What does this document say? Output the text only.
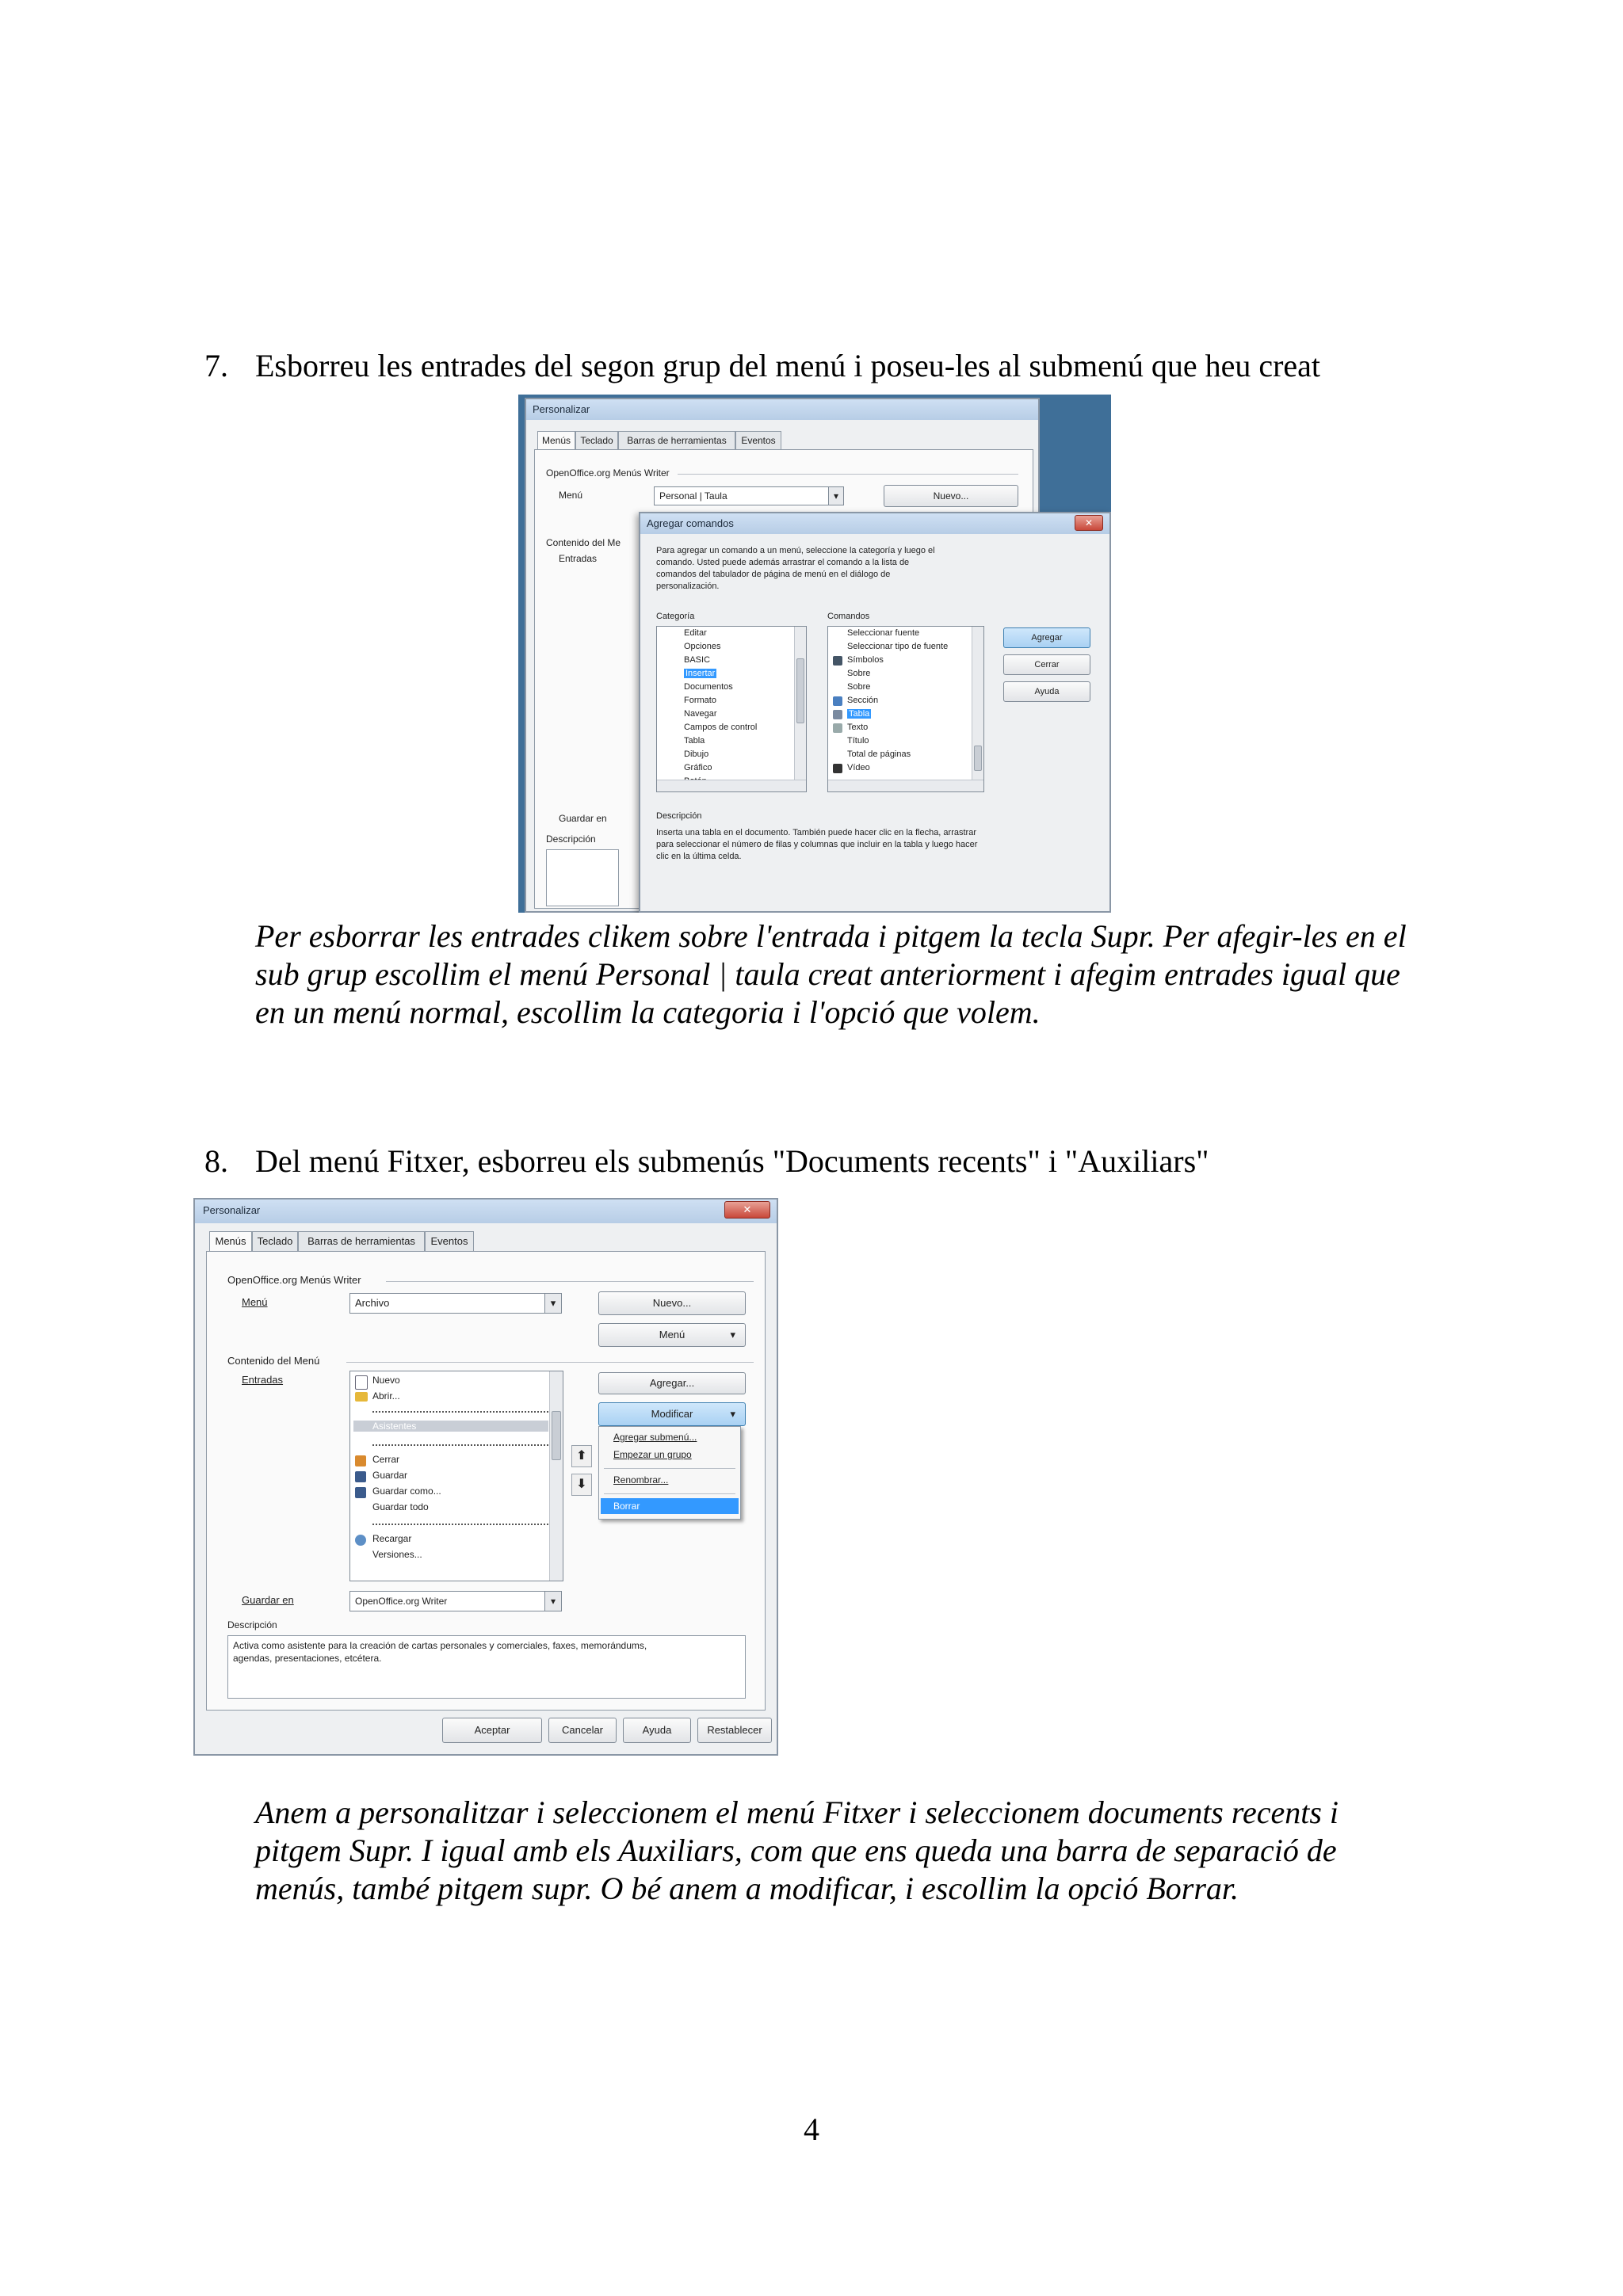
7. Esborreu les entrades del segon grup del menú i poseu-les al submenú que heu creat
Personalizar
Menús	Teclado	Barras de herramientas	Eventos
OpenOffice.org Menús Writer
Menú	Personal | Taula	▾	Nuevo...
Contenido del Me
Entradas
Guardar en
Descripción
Agregar comandos	✕
Para agregar un comando a un menú, seleccione la categoría y luego el
comando. Usted puede además arrastrar el comando a la lista de
comandos del tabulador de página de menú en el diálogo de
personalización.
Categoría
Editar
Opciones
BASIC
Insertar
Documentos
Formato
Navegar
Campos de control
Tabla
Dibujo
Gráfico
Comandos
Seleccionar fuente
Seleccionar tipo de fuente
Símbolos
Sobre
Sobre
Sección
Tabla
Texto
Título
Total de páginas
Vídeo
Agregar
Cerrar
Ayuda
Descripción
Inserta una tabla en el documento. También puede hacer clic en la flecha, arrastrar
para seleccionar el número de filas y columnas que incluir en la tabla y luego hacer
clic en la última celda.
Per esborrar les entrades clikem sobre l'entrada i pitgem la tecla Supr. Per afegir-les en el
sub grup escollim el menú Personal | taula creat anteriorment i afegim entrades igual que
en un menú normal, escollim la categoria i l'opció que volem.
8. Del menú Fitxer, esborreu els submenús "Documents recents" i "Auxiliars"
Personalizar	✕
Menús	Teclado	Barras de herramientas	Eventos
OpenOffice.org Menús Writer
Menú	Archivo	▾	Nuevo...
Menú	▾
Contenido del Menú
Entradas	Nuevo
Abrir...
Asistentes
Cerrar
Guardar
Guardar como...
Guardar todo
Recargar
Versiones...
⬆
⬇
Agregar...
Modificar	▾
Agregar submenú...
Empezar un grupo
Renombrar...
Borrar
Guardar en	OpenOffice.org Writer	▾
Descripción
Activa como asistente para la creación de cartas personales y comerciales, faxes, memorándums,
agendas, presentaciones, etcétera.
Aceptar	Cancelar	Ayuda	Restablecer
Anem a personalitzar i seleccionem el menú Fitxer i seleccionem documents recents i
pitgem Supr. I igual amb els Auxiliars, com que ens queda una barra de separació de
menús, també pitgem supr. O bé anem a modificar, i escollim la opció Borrar.
4
